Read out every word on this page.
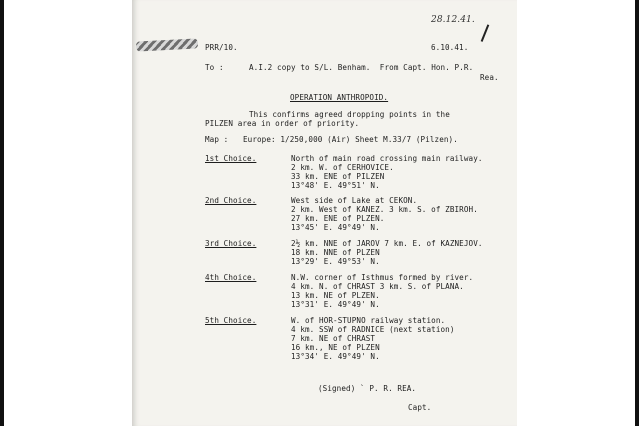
28.12.41.
PRR/10.	6.10.41.
To :	A.I.2 copy to S/L. Benham.  From Capt. Hon. P.R.
Rea.
OPERATION ANTHROPOID.
This confirms agreed dropping points in the
PILZEN area in order of priority.
Map : Europe: 1/250,000 (Air) Sheet M.33/7 (Pilzen).
1st Choice.	North of main road crossing main railway.
2 km. W. of CERHOVICE.
33 km. ENE of PILZEN
13°48' E. 49°51' N.
2nd Choice.	West side of Lake at CEKON.
2 km. West of KANEZ. 3 km. S. of ZBIROH.
27 km. ENE of PLZEN.
13°45' E. 49°49' N.
3rd Choice.	2½ km. NNE of JAROV 7 km. E. of KAZNEJOV.
18 km. NNE of PLZEN
13°29' E. 49°53' N.
4th Choice.	N.W. corner of Isthmus formed by river.
4 km. N. of CHRAST 3 km. S. of PLANA.
13 km. NE of PLZEN.
13°31' E. 49°49' N.
5th Choice.	W. of HOR-STUPNO railway station.
4 km. SSW of RADNICE (next station)
7 km. NE of CHRAST
16 km., NE of PLZEN
13°34' E. 49°49' N.
(Signed) ` P. R. REA.
Capt.
